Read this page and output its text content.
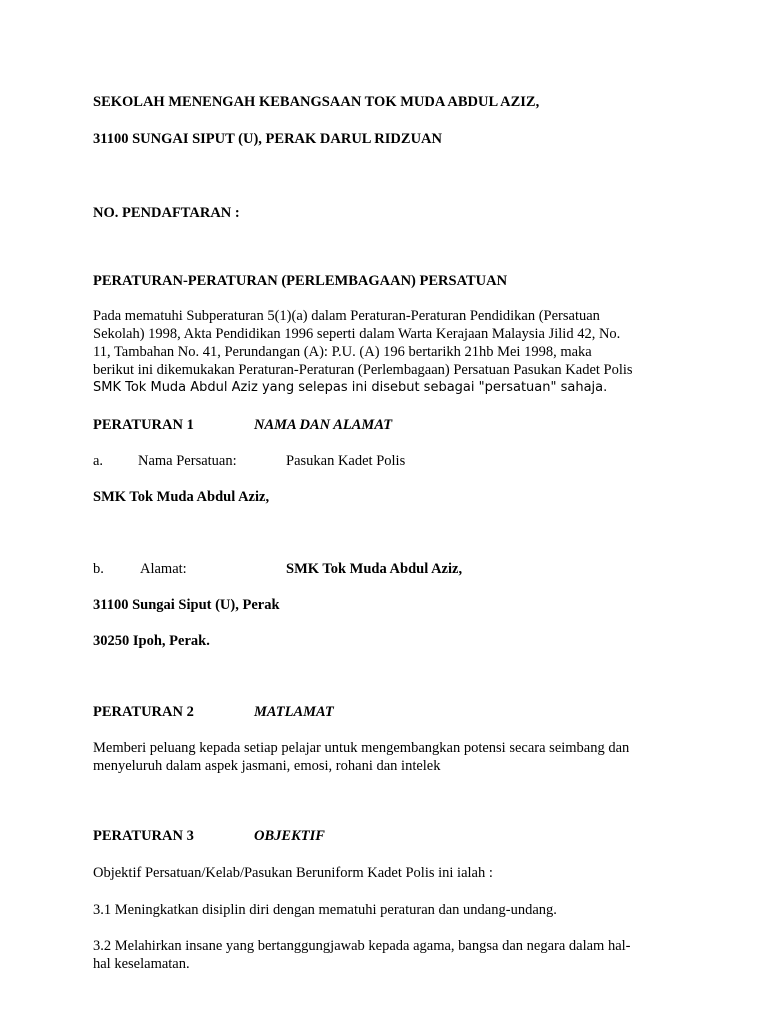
SEKOLAH MENENGAH KEBANGSAAN TOK MUDA ABDUL AZIZ,
31100 SUNGAI SIPUT (U), PERAK DARUL RIDZUAN
NO. PENDAFTARAN :
PERATURAN-PERATURAN (PERLEMBAGAAN) PERSATUAN
Pada mematuhi Subperaturan 5(1)(a) dalam Peraturan-Peraturan Pendidikan (Persatuan
Sekolah) 1998, Akta Pendidikan 1996 seperti dalam Warta Kerajaan Malaysia Jilid 42, No.
11, Tambahan No. 41, Perundangan (A): P.U. (A) 196 bertarikh 21hb Mei 1998, maka
berikut ini dikemukakan Peraturan-Peraturan (Perlembagaan) Persatuan Pasukan Kadet Polis
SMK Tok Muda Abdul Aziz yang selepas ini disebut sebagai "persatuan" sahaja.
PERATURAN 1	NAMA DAN ALAMAT
a. Nama Persatuan:	Pasukan Kadet Polis
SMK Tok Muda Abdul Aziz,
b. Alamat:	SMK Tok Muda Abdul Aziz,
31100 Sungai Siput (U), Perak
30250 Ipoh, Perak.
PERATURAN 2	MATLAMAT
Memberi peluang kepada setiap pelajar untuk mengembangkan potensi secara seimbang dan
menyeluruh dalam aspek jasmani, emosi, rohani dan intelek
PERATURAN 3	OBJEKTIF
Objektif Persatuan/Kelab/Pasukan Beruniform Kadet Polis ini ialah :
3.1 Meningkatkan disiplin diri dengan mematuhi peraturan dan undang-undang.
3.2 Melahirkan insane yang bertanggungjawab kepada agama, bangsa dan negara dalam hal-
hal keselamatan.
